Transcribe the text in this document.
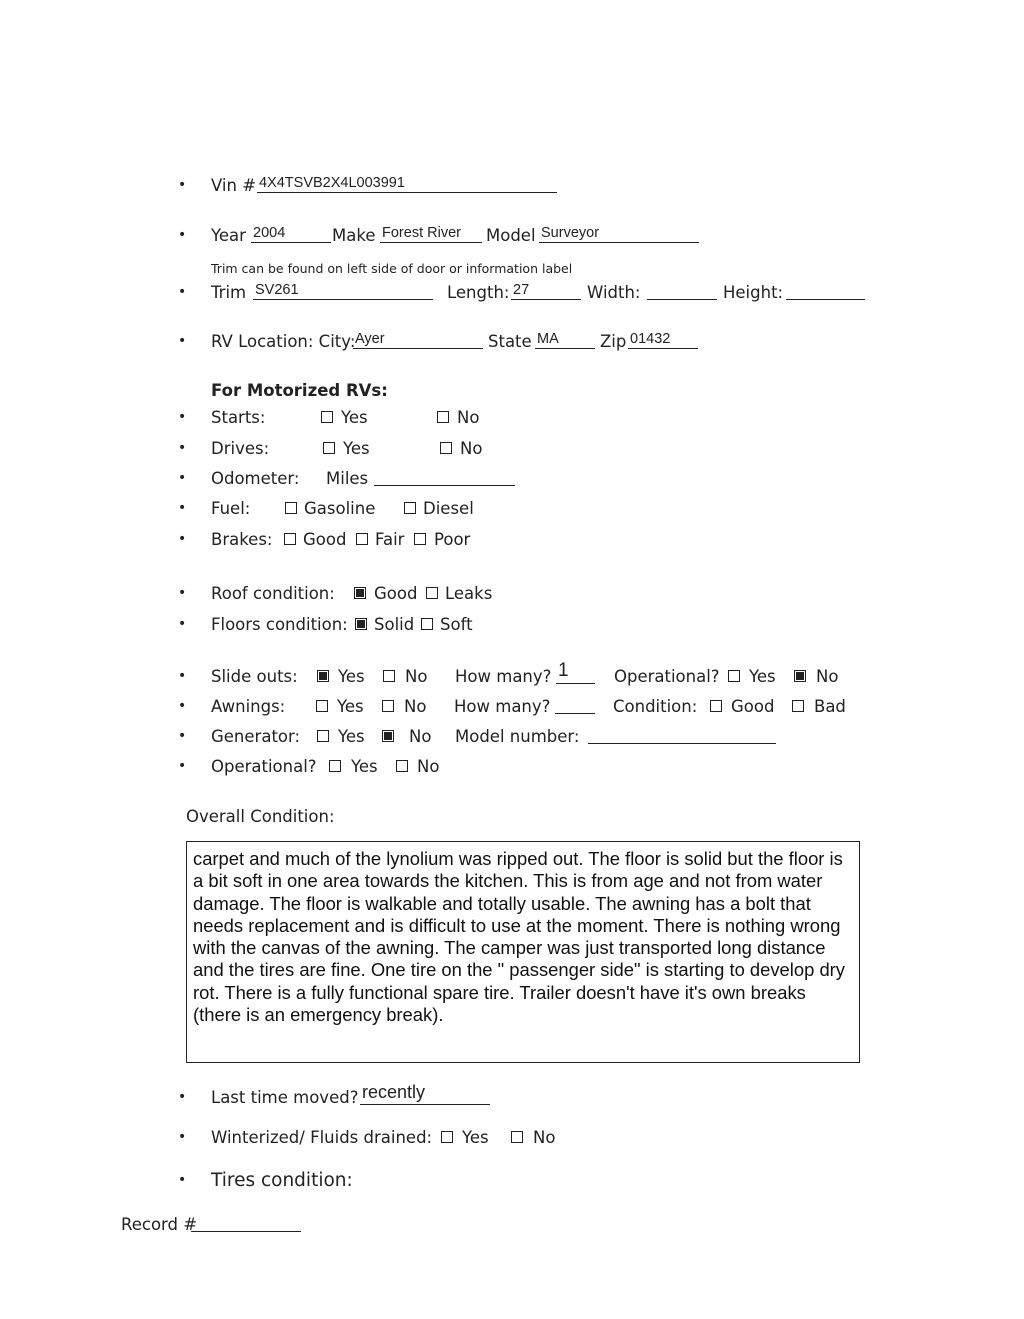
•
Vin # 4X4TSVB2X4L003991
•
Year 2004	Make Forest River Model Surveyor
Trim can be found on left side of door or information label
•
Trim SV261	Length: 27	Width:	Height:
•
RV Location: City: Ayer	State MA	Zip 01432
For Motorized RVs:
•
Starts:	Yes	No
•
Drives:	Yes	No
•
Odometer: Miles
•
Fuel:	Gasoline	Diesel
•
Brakes: Good Fair Poor
•
Roof condition: Good Leaks
•
Floors condition: Solid Soft
•
Slide outs: Yes No How many? 1	Operational? Yes No
•
Awnings:	Yes No How many?	Condition: Good Bad
•
Generator: Yes	No Model number:
•
Operational? Yes No
Overall Condition:
carpet and much of the lynolium was ripped out. The floor is solid but the floor is a bit soft in one area towards the kitchen. This is from age and not from water damage. The floor is walkable and totally usable. The awning has a bolt that needs replacement and is difficult to use at the moment. There is nothing wrong with the canvas of the awning. The camper was just transported long distance and the tires are fine. One tire on the " passenger side" is starting to develop dry rot. There is a fully functional spare tire. Trailer doesn't have it's own breaks (there is an emergency break).
•
Last time moved? recently
•
Winterized/ Fluids drained: Yes	No
•
Tires condition:
Record #
